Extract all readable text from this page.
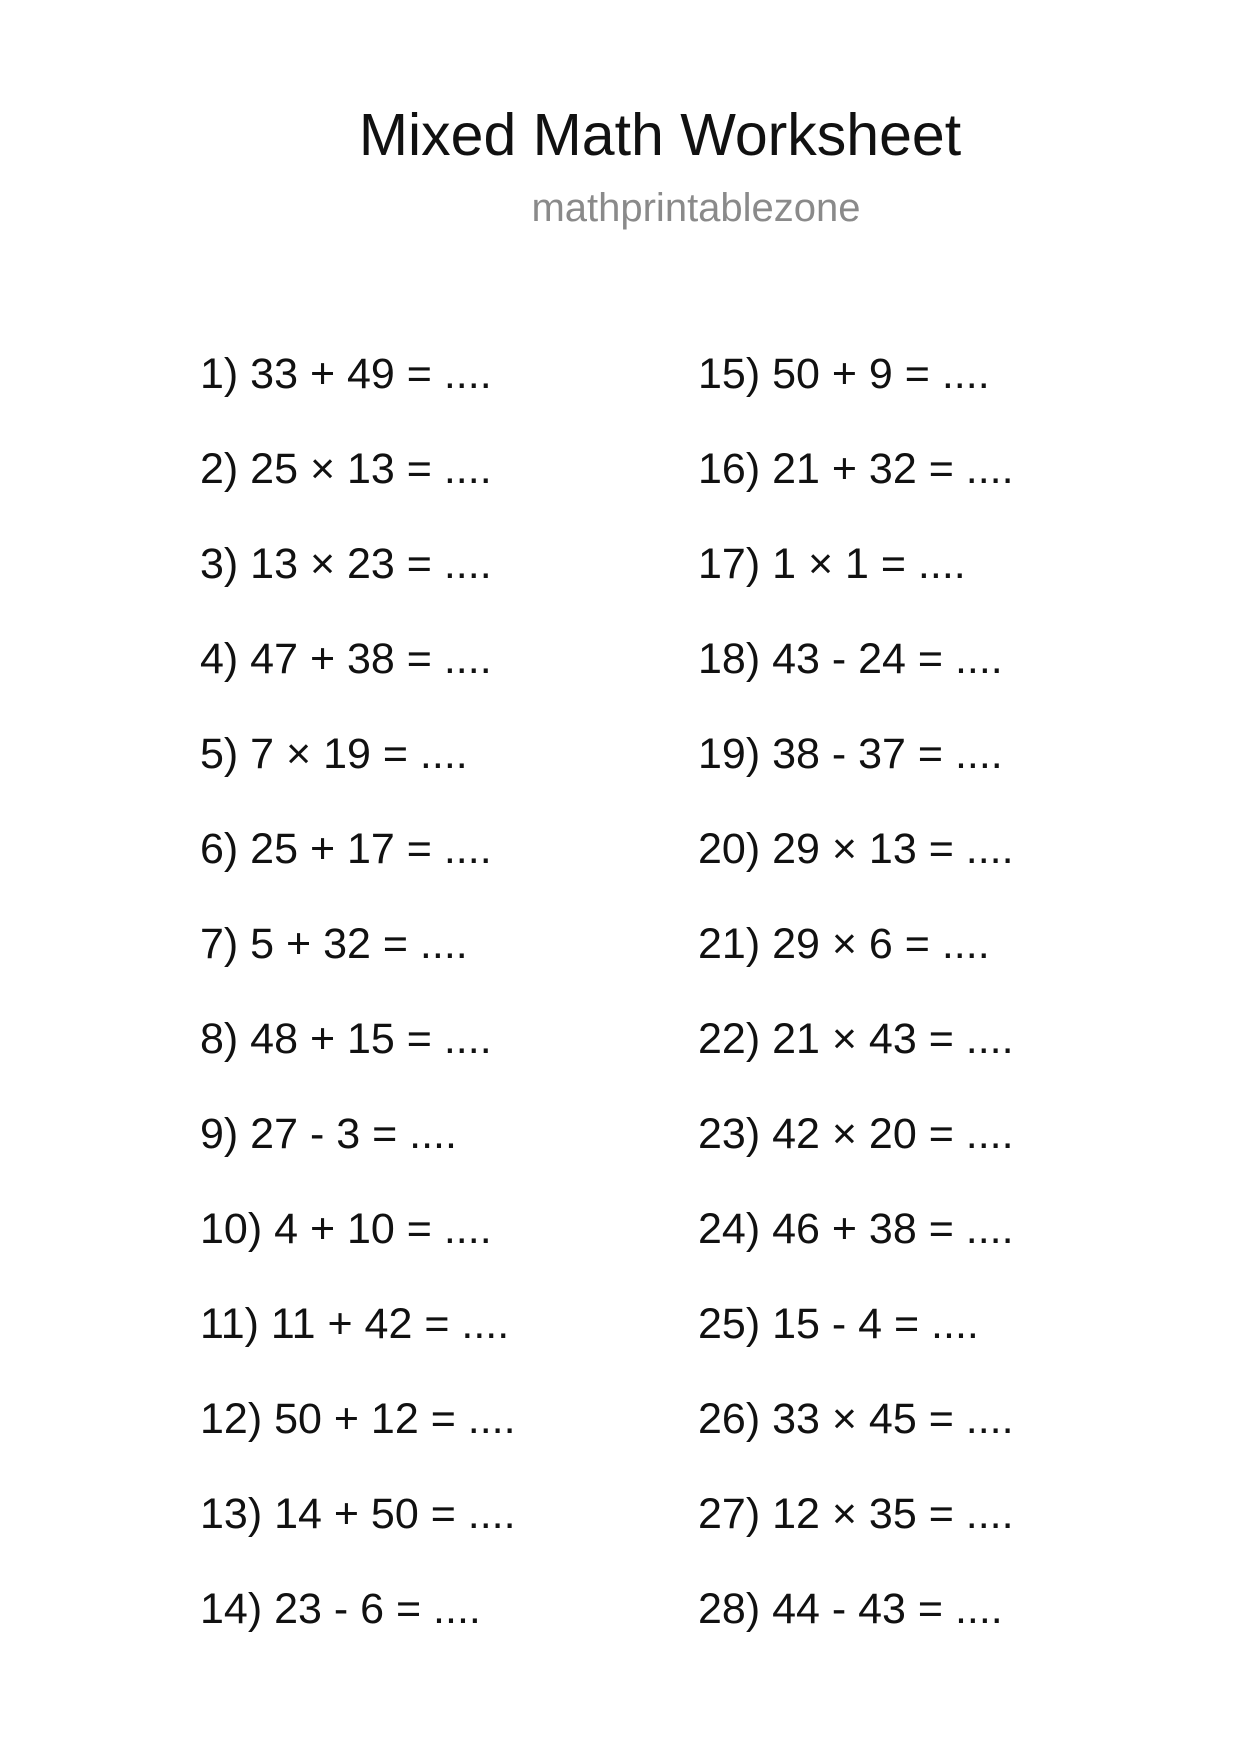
Mixed Math Worksheet
mathprintablezone
1) 33 + 49 = ....
2) 25 × 13 = ....
3) 13 × 23 = ....
4) 47 + 38 = ....
5) 7 × 19 = ....
6) 25 + 17 = ....
7) 5 + 32 = ....
8) 48 + 15 = ....
9) 27 - 3 = ....
10) 4 + 10 = ....
11) 11 + 42 = ....
12) 50 + 12 = ....
13) 14 + 50 = ....
14) 23 - 6 = ....
15) 50 + 9 = ....
16) 21 + 32 = ....
17) 1 × 1 = ....
18) 43 - 24 = ....
19) 38 - 37 = ....
20) 29 × 13 = ....
21) 29 × 6 = ....
22) 21 × 43 = ....
23) 42 × 20 = ....
24) 46 + 38 = ....
25) 15 - 4 = ....
26) 33 × 45 = ....
27) 12 × 35 = ....
28) 44 - 43 = ....
